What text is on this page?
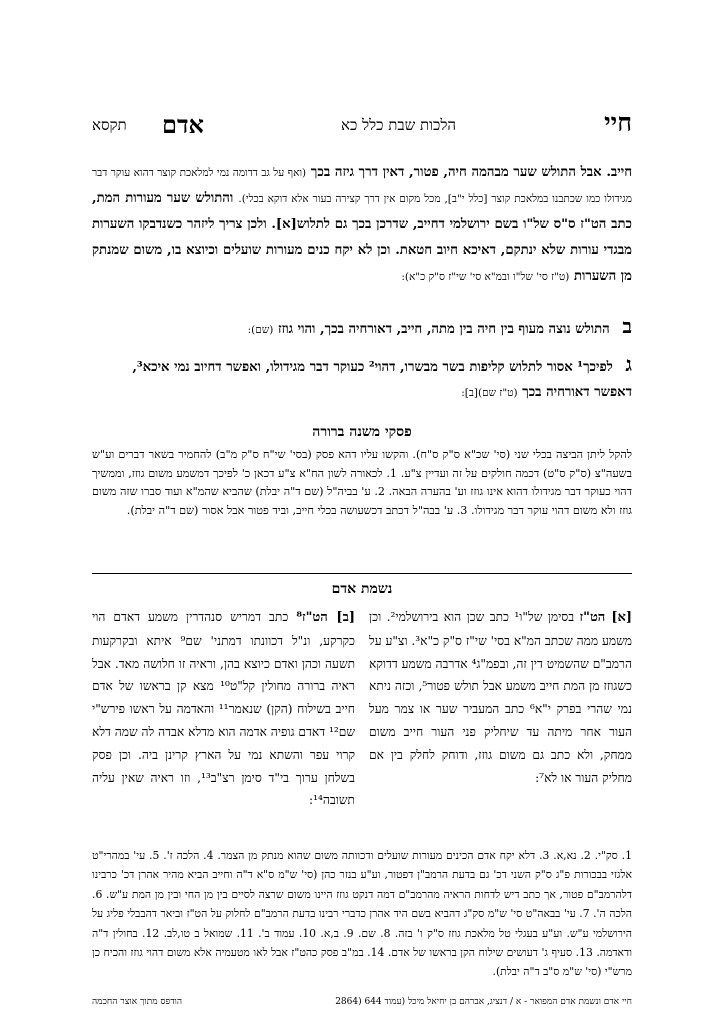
חיי
הלכות שבת כלל כא
אדם
תקסא
חייב. אבל התולש שער מבהמה חיה, פטור, דאין דרך גיזה בכך (ואף על גב דדומה נמי למלאכת קוצר דהוא עוקר דבר מגידולו כמו שכתבנו במלאכת קוצר [כלל י"ב], מכל מקום אין דרך קצירה בעור אלא דוקא בכלי). והתולש שער מעורות המת, כתב הט"ז ס"ס של"ו בשם ירושלמי דחייב, שדרכן בכך גם לתלוש[א]. ולכן צריך ליזהר כשנדבקו השערות מבגדי עורות שלא ינתקם, דאיכא חיוב חטאת. וכן לא יקח כנים מעורות שועלים וכיוצא בו, משום שמנתק מן השערות (ט"ז סי' של"ו ובמ"א סי' שי"ז ס"ק כ"א):
ב התולש נוצה מעוף בין חיה בין מתה, חייב, דאורחיה בכך, והוי גוזז (שם):
ג לפיכך¹ אסור לתלוש קליפות בשר מבשרו, דהוי² כעוקר דבר מגידולו, ואפשר דחיוב נמי איכא³, דאפשר דאורחיה בכך (ט"ז שם)[ב]:
פסקי משנה ברורה
להקל ליתן הביצה בכלי שני (סי' שכ"א ס"ק ס"ח). והקשו עליו דהא פסק (בסי' שי"ח ס"ק מ"ב) להחמיר בשאר דברים וע"ש בשעה"צ (ס"ק ס"ט) דכמה חולקים על זה ועדיין צ"ע. 1. לכאורה לשון הח"א צ"ע דכאן כ' לפיכך דמשמע משום גוזז, וממשיך דהוי כעוקר דבר מגידולו דהוא אינו גוזז וע' בהערה הבאה. 2. ע' בביה"ל (שם ד"ה יבלת) שהביא שהמ"א ועוד סברו שזה משום גוזז ולא משום דהוי עוקר דבר מגידולו. 3. ע' בבה"ל דכתב דכשעושה בכלי חייב, וביד פטור אבל אסור (שם ד"ה יבלת).
נשמת אדם
[א] הט"ז בסימן של"ו¹ כתב שכן הוא בירושלמי². וכן משמע ממה שכתב המ"א בסי' שי"ז ס"ק כ"א³. וצ"ע על הרמב"ם שהשמיט דין זה, ובפמ"ג⁴ אדרבה משמע דדוקא כשגוזז מן המת חייב משמע אבל תולש פטור⁵, וכזה ניתא נמי שהרי בפרק י"א⁶ כתב המעביר שער או צמר מעל העור אחר מיתה עד שיחליק פני העור חייב משום ממחק, ולא כתב גם משום גוזז, ודוחק לחלק בין אם מחליק העור או לא⁷:
[ב] הט"ז⁸ כתב דמריש סנהדרין משמע דאדם הוי כקרקע, ונ"ל דכוונתו דמתני' שם⁹ איתא ובקרקעות תשעה וכהן ואדם כיוצא בהן, וראיה זו חלושה מאד. אבל ראיה ברורה מחולין קל"ט¹⁰ מצא קן בראשו של אדם חייב בשילוח (הקן) שנאמר¹¹ והאדמה על ראשו פירש"י שם¹² דאדם גופיה אדמה הוא מדלא אבדה לה שמה דלא קרוי עפר והשתא נמי על הארץ קרינן ביה. וכן פסק בשלחן ערוך בי"ד סימן רצ"ב¹³, וזו ראיה שאין עליה תשובה¹⁴:
1. סק"י. 2. נא,א. 3. דלא יקח אדם הכינים מעורות שועלים ודכוותה משום שהוא מנתק מן הצמר. 4. הלכה ז'. 5. עי' במהרי"ט אלגזי בבכורות פ"ג ס"ק השני דכ' גם בדעת הרמב"ן דפטור, וע"ע בנזר כהן (סי' ש"מ ס"א ד"ה וחייב הביא מהיר אהרן דכ' כרבינו דלהרמב"ם פטור, אך כתב דיש לדחות הראיה מהרמב"ם דמה דנקט גוזז היינו משום שרצה לסיים בין מן החי ובין מן המת ע"ש. 6. הלכה ה'. 7. עי' בבאה"ט סי' ש"מ סק"ג דהביא בשם היד אהרן כדברי רבינו בדעת הרמב"ם לחלוק על הט"ז וביאר דהבבלי פליג על הירושלמי ע"ש. וע"ע בעגלי טל מלאכת גוזז ס"ק ו' בזה. 8. שם. 9. ב,א. 10. עמוד ב'. 11. שמואל ב טו,לב. 12. בחולין ד"ה ודאדמה. 13. סעיף ג' דעושים שילוח הקן בראשו של אדם. 14. במ"ב פסק כהט"ז אבל לאו מטעמיה אלא משום דהוי גוזז והכיח כן מרש"י (סי' ש"מ ס"ב ד"ה יבלת).
חיי אדם ונשמת אדם המפואר - א / דנציג, אברהם בן יחיאל מיכל (עמוד 644 (2864
הודפס מתוך אוצר החכמה
